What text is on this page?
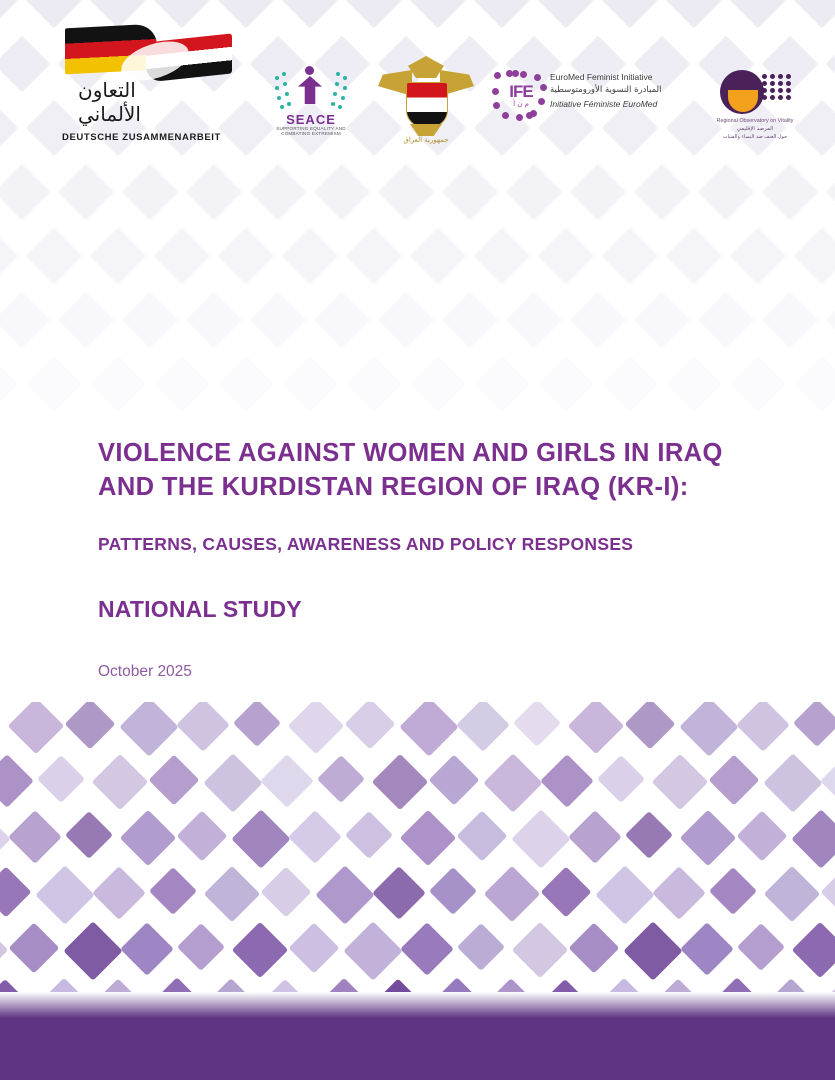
التعاون
الألماني
DEUTSCHE ZUSAMMENARBEIT
SEACE
SUPPORTING EQUALITY AND COMBATING EXTREMISM
جمهورية العراق
IFE
م ن أ
EuroMed Feminist Initiative
المبادرة النسوية الأورومتوسطية
Initiative Féministe EuroMed
Regional Observatory on Vitality
المرصد الإقليمي
حول العنف ضد النساء والفتيات
VIOLENCE AGAINST WOMEN AND GIRLS IN IRAQ
AND THE KURDISTAN REGION OF IRAQ (KR-I):
PATTERNS, CAUSES, AWARENESS AND POLICY RESPONSES
NATIONAL STUDY
October 2025
